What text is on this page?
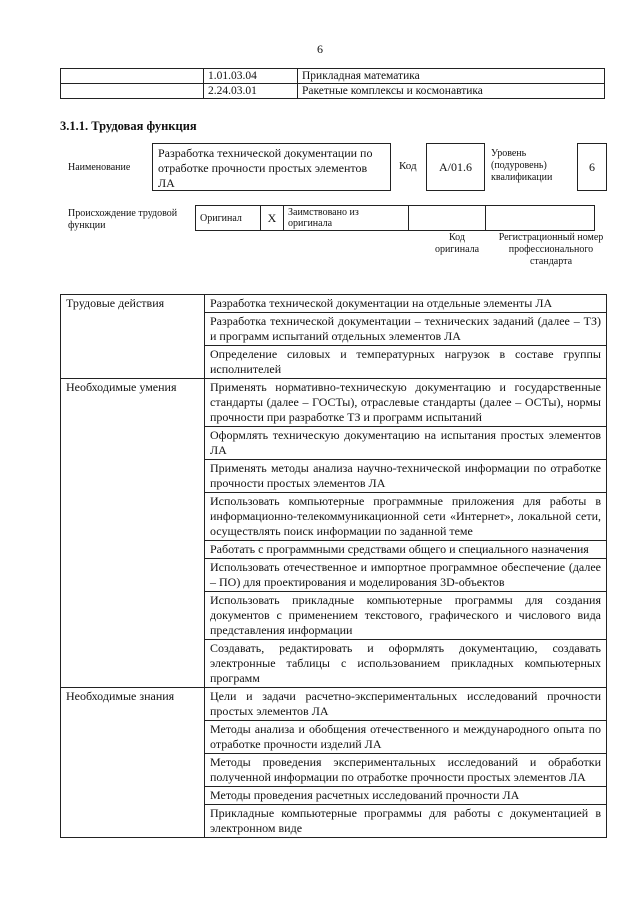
6
	1.01.03.04	Прикладная математика
	2.24.03.01	Ракетные комплексы и космонавтика
3.1.1. Трудовая функция
Наименование
Разработка технической документации по отработке прочности простых элементов ЛА
Код	A/01.6
Уровень (подуровень) квалификации
6
Происхождение трудовой функции
Оригинал	X	Заимствовано из оригинала		
Код оригинала
Регистрационный номер профессионального стандарта
Трудовые действия	Разработка технической документации на отдельные элементы ЛА
	Разработка технической документации – технических заданий (далее – ТЗ) и программ испытаний отдельных элементов ЛА
	Определение силовых и температурных нагрузок в составе группы исполнителей
Необходимые умения	Применять нормативно-техническую документацию и государственные стандарты (далее – ГОСТы), отраслевые стандарты (далее – ОСТы), нормы прочности при разработке ТЗ и программ испытаний
	Оформлять техническую документацию на испытания простых элементов ЛА
	Применять методы анализа научно-технической информации по отработке прочности простых элементов ЛА
	Использовать компьютерные программные приложения для работы в информационно-телекоммуникационной сети «Интернет», локальной сети, осуществлять поиск информации по заданной теме
	Работать с программными средствами общего и специального назначения
	Использовать отечественное и импортное программное обеспечение (далее – ПО) для проектирования и моделирования 3D-объектов
	Использовать прикладные компьютерные программы для создания документов с применением текстового, графического и числового вида представления информации
	Создавать, редактировать и оформлять документацию, создавать электронные таблицы с использованием прикладных компьютерных программ
Необходимые знания	Цели и задачи расчетно-экспериментальных исследований прочности простых элементов ЛА
	Методы анализа и обобщения отечественного и международного опыта по отработке прочности изделий ЛА
	Методы проведения экспериментальных исследований и обработки полученной информации по отработке прочности простых элементов ЛА
	Методы проведения расчетных исследований прочности ЛА
	Прикладные компьютерные программы для работы с документацией в электронном виде
